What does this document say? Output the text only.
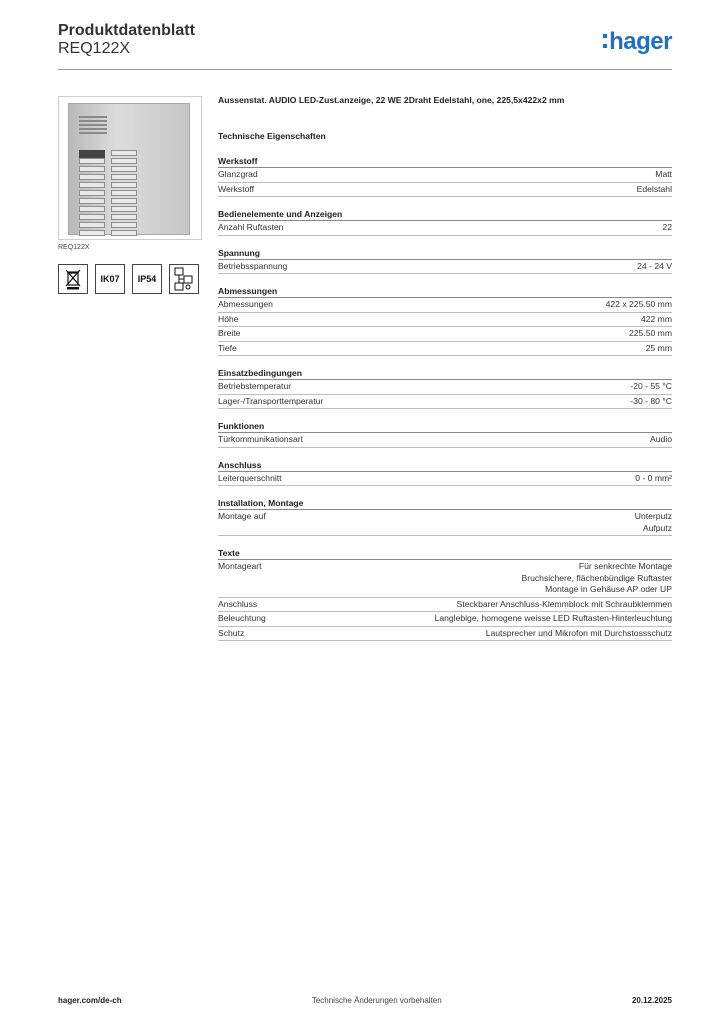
Produktdatenblatt
REQ122X	hager
REQ122X
IK07	IP54
Aussenstat. AUDIO LED-Zust.anzeige, 22 WE 2Draht Edelstahl, one, 225,5x422x2 mm
Technische Eigenschaften
Werkstoff
Glanzgrad	Matt
Werkstoff	Edelstahl
Bedienelemente und Anzeigen
Anzahl Ruftasten	22
Spannung
Betriebsspannung	24 - 24 V
Abmessungen
Abmessungen	422 x 225.50 mm
Höhe	422 mm
Breite	225.50 mm
Tiefe	25 mm
Einsatzbedingungen
Betriebstemperatur	-20 - 55 °C
Lager-/Transporttemperatur	-30 - 80 °C
Funktionen
Türkommunikationsart	Audio
Anschluss
Leiterquerschnitt	0 - 0 mm²
Installation, Montage
Montage auf	Unterputz
Aufputz
Texte
Montageart	Für senkrechte Montage
Bruchsichere, flächenbündige Ruftaster
Montage in Gehäuse AP oder UP
Anschluss	Steckbarer Anschluss-Klemmblock mit Schraubklemmen
Beleuchtung	Langlebige, homogene weisse LED Ruftasten-Hinterleuchtung
Schutz	Lautsprecher und Mikrofon mit Durchstossschutz
hager.com/de-ch	Technische Änderungen vorbehalten	20.12.2025
